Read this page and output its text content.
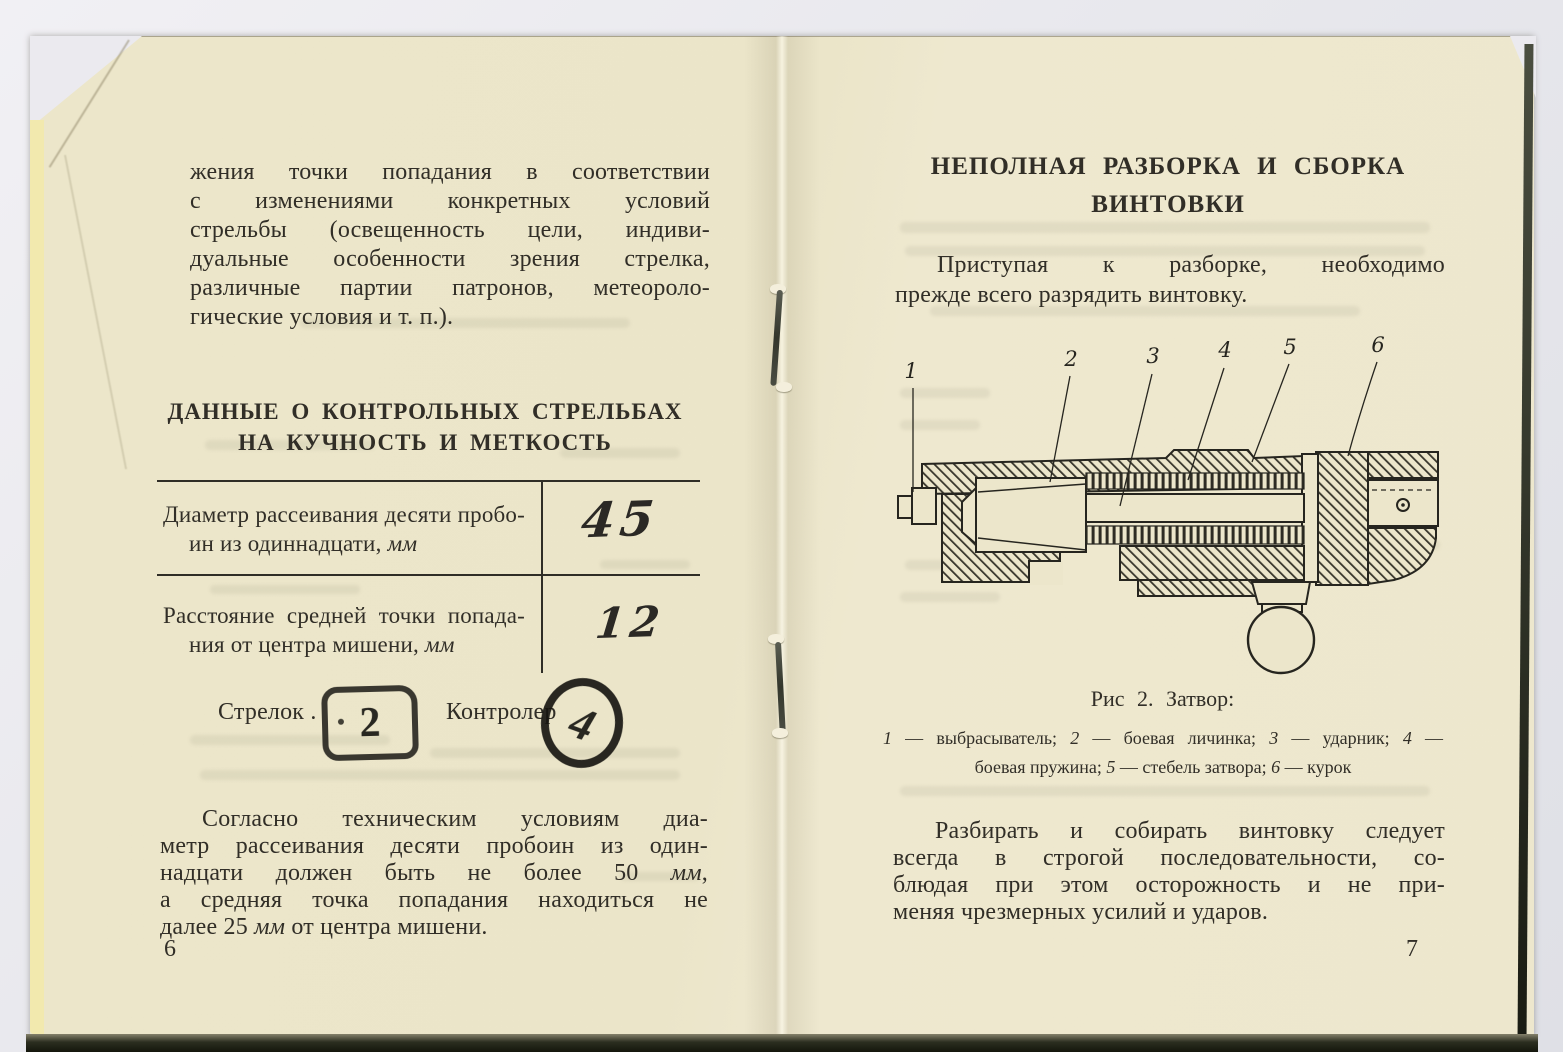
жения точки попадания в соответствии
с изменениями конкретных условий
стрельбы (освещенность цели, индиви-
дуальные особенности зрения стрелка,
различные партии патронов, метеороло-
гические условия и т. п.).
ДАННЫЕ О КОНТРОЛЬНЫХ СТРЕЛЬБАХ
НА КУЧНОСТЬ И МЕТКОСТЬ
Диаметр рассеивания десяти пробо-
ин из одиннадцати, мм	45
Расстояние средней точки попада-
ния от центра мишени, мм	12
Стрелок .	2	Контролер 4
Согласно техническим условиям диа-
метр рассеивания десяти пробоин из один-
надцати должен быть не более 50 мм,
а средняя точка попадания находиться не
далее 25 мм от центра мишени.
6
НЕПОЛНАЯ РАЗБОРКА И СБОРКА
ВИНТОВКИ
Приступая к разборке, необходимо
прежде всего разрядить винтовку.
1	2	3	4 5	6
Рис 2. Затвор:
1 — выбрасыватель; 2 — боевая личинка; 3 — ударник; 4 —
боевая пружина; 5 — стебель затвора; 6 — курок
Разбирать и собирать винтовку следует
всегда в строгой последовательности, со-
блюдая при этом осторожность и не при-
меняя чрезмерных усилий и ударов.
7
